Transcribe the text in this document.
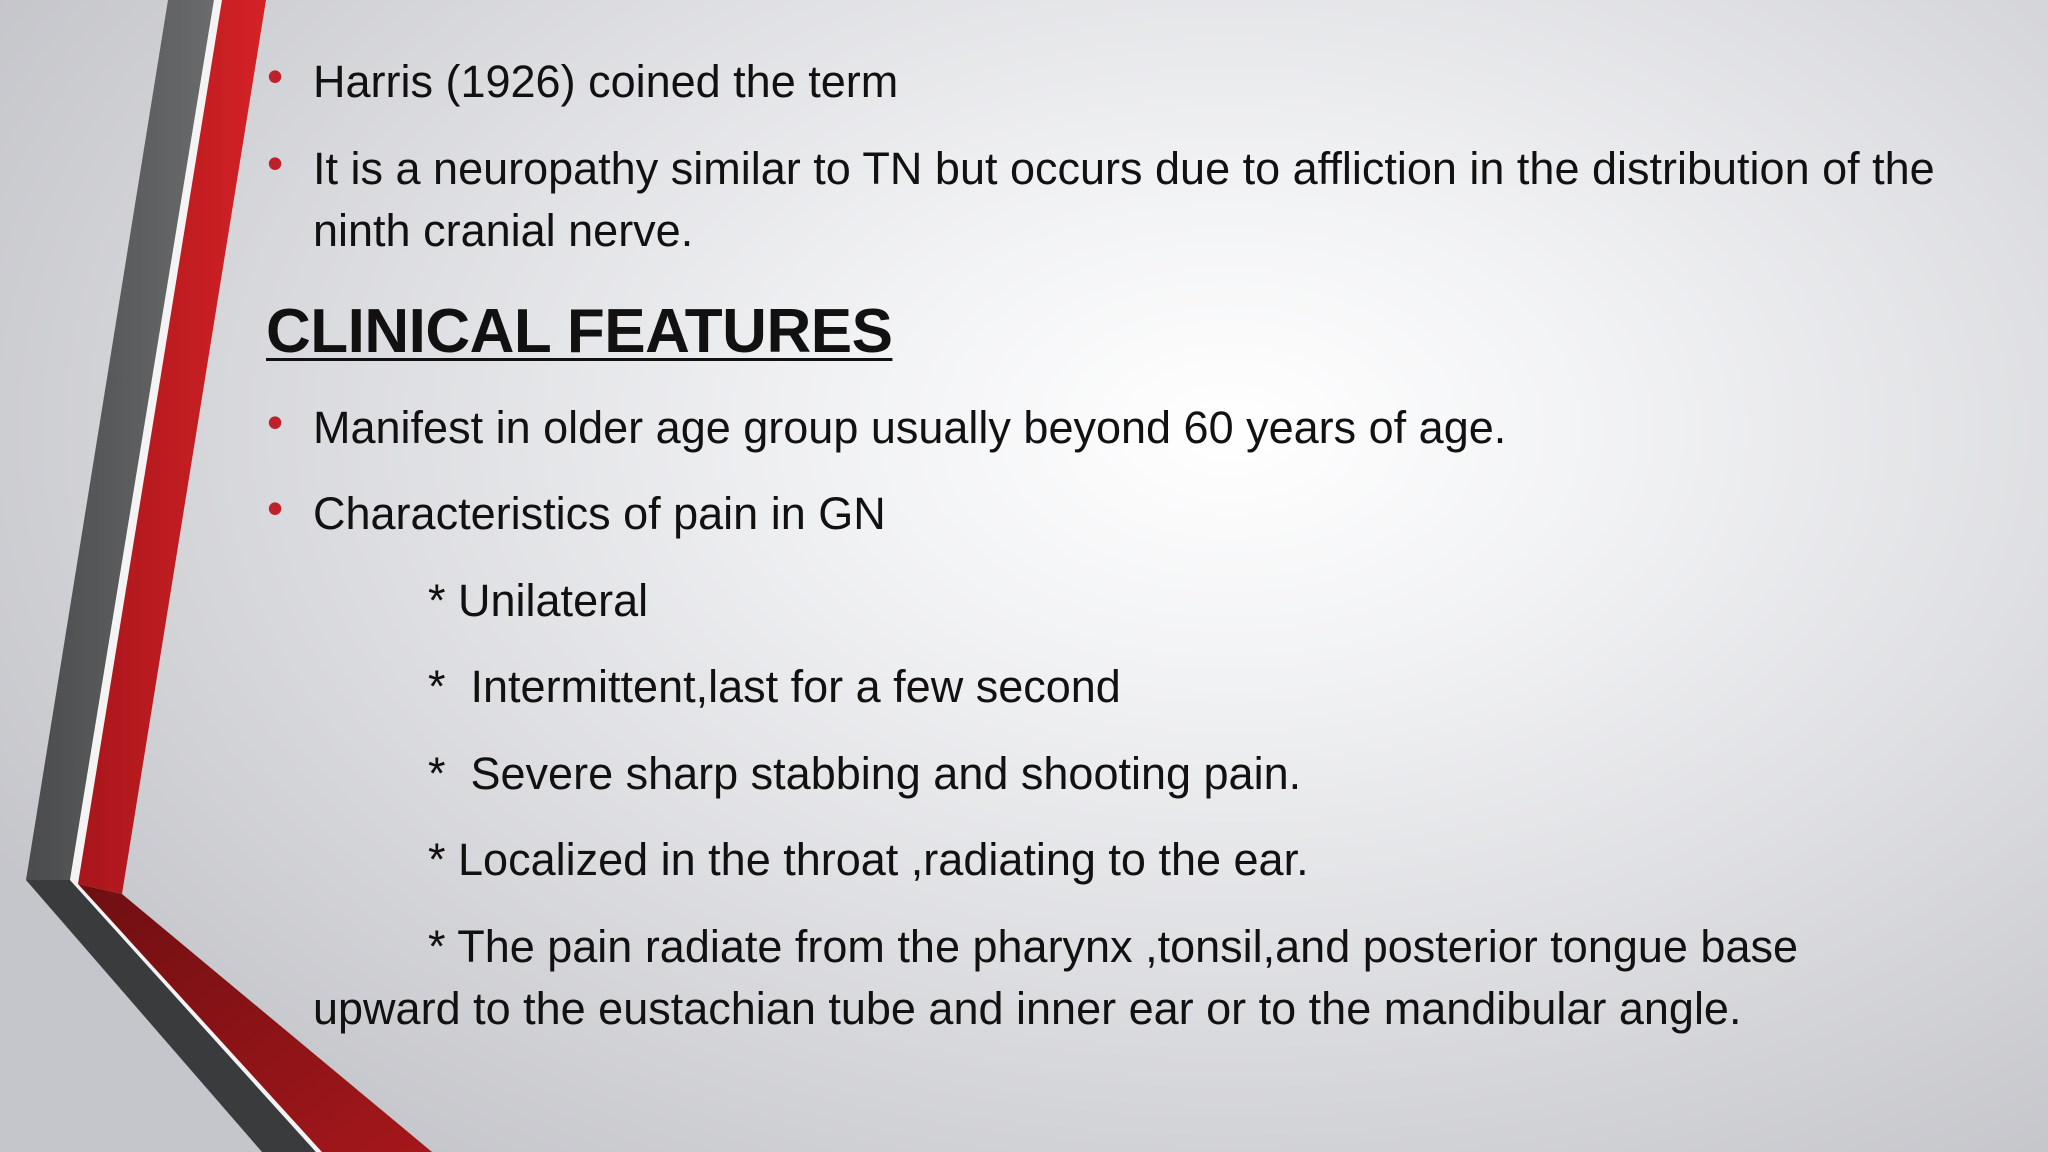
• Harris (1926) coined the term
• It is a neuropathy similar to TN but occurs due to affliction in the distribution of the ninth cranial nerve.
CLINICAL FEATURES
• Manifest in older age group usually beyond 60 years of age.
• Characteristics of pain in GN
* Unilateral
*  Intermittent,last for a few second
*  Severe sharp stabbing and shooting pain.
* Localized in the throat ,radiating to the ear.
* The pain radiate from the pharynx ,tonsil,and posterior tongue base upward to the eustachian tube and inner ear or to the mandibular angle.
